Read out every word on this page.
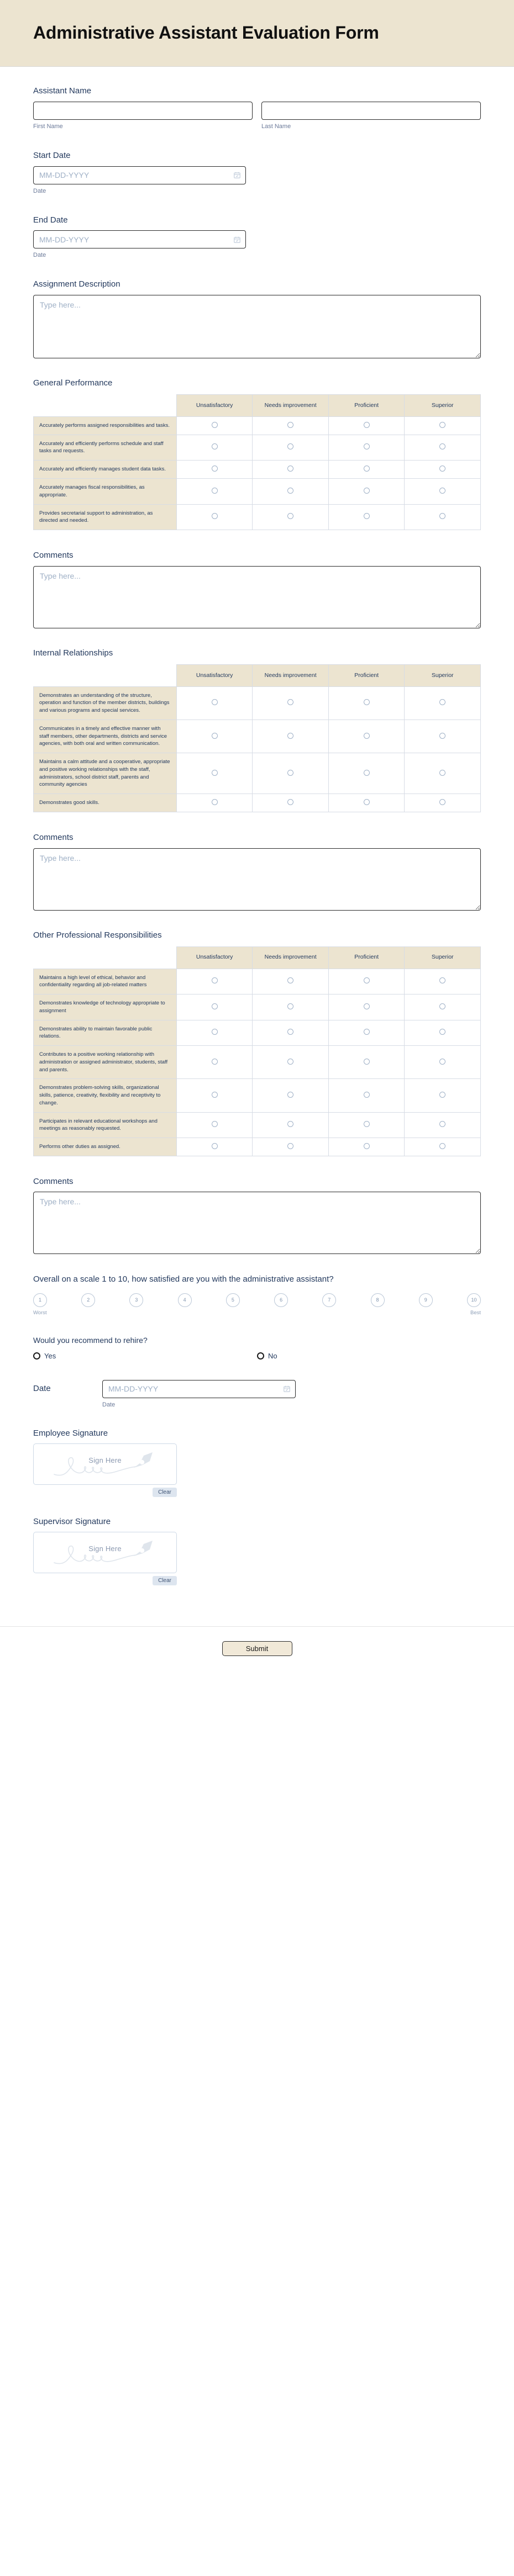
Administrative Assistant Evaluation Form
Assistant Name
First Name	Last Name
Start Date
MM-DD-YYYY
Date
End Date
MM-DD-YYYY
Date
Assignment Description
Type here...
General Performance
	Unsatisfactory	Needs improvement	Proficient	Superior
Accurately performs assigned responsibilities and tasks.				
Accurately and efficiently performs schedule and staff tasks and requests.				
Accurately and efficiently manages student data tasks.				
Accurately manages fiscal responsibilities, as appropriate.				
Provides secretarial support to administration, as directed and needed.				
Comments
Type here...
Internal Relationships
	Unsatisfactory	Needs improvement	Proficient	Superior
Demonstrates an understanding of the structure, operation and function of the member districts, buildings and various programs and special services.				
Communicates in a timely and effective manner with staff members, other departments, districts and service agencies, with both oral and written communication.				
Maintains a calm attitude and a cooperative, appropriate and positive working relationships with the staff, administrators, school district staff, parents and community agencies				
Demonstrates good skills.				
Comments
Type here...
Other Professional Responsibilities
	Unsatisfactory	Needs improvement	Proficient	Superior
Maintains a high level of ethical, behavior and confidentiality regarding all job-related matters				
Demonstrates knowledge of technology appropriate to assignment				
Demonstrates ability to maintain favorable public relations.				
Contributes to a positive working relationship with administration or assigned administrator, students, staff and parents.				
Demonstrates problem-solving skills, organizational skills, patience, creativity, flexibility and receptivity to change.				
Participates in relevant educational workshops and meetings as reasonably requested.				
Performs other duties as assigned.				
Comments
Type here...
Overall on a scale 1 to 10, how satisfied are you with the administrative assistant?
1	2	3	4	5	6	7	8	9	10
Worst	Best
Would you recommend to rehire?
Yes	No
Date
MM-DD-YYYY
Date
Employee Signature
Sign Here
Clear
Supervisor Signature
Sign Here
Clear
Submit
